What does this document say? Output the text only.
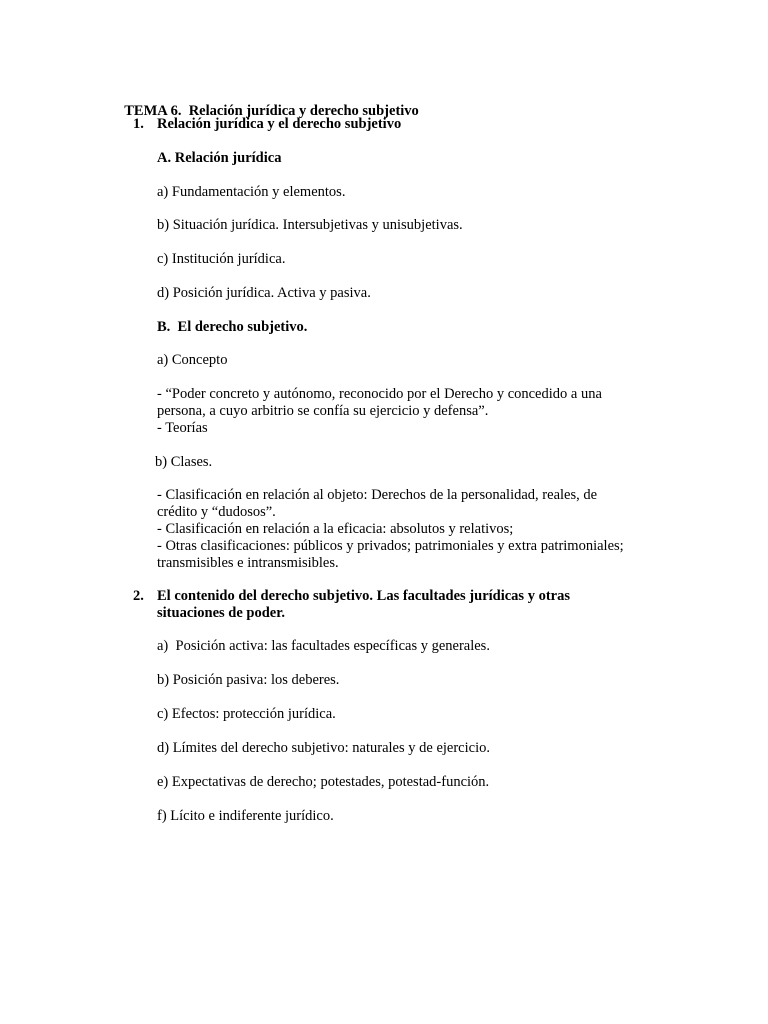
TEMA 6. Relación jurídica y derecho subjetivo

1. Relación jurídica y el derecho subjetivo
A. Relación jurídica
a) Fundamentación y elementos.
b) Situación jurídica. Intersubjetivas y unisubjetivas.
c) Institución jurídica.
d) Posición jurídica. Activa y pasiva.
B.  El derecho subjetivo.
a) Concepto
- “Poder concreto y autónomo, reconocido por el Derecho y concedido a una
persona, a cuyo arbitrio se confía su ejercicio y defensa”.
- Teorías
b) Clases.
- Clasificación en relación al objeto: Derechos de la personalidad, reales, de
crédito y “dudosos”.
- Clasificación en relación a la eficacia: absolutos y relativos;
- Otras clasificaciones: públicos y privados; patrimoniales y extra patrimoniales;
transmisibles e intransmisibles.
2. El contenido del derecho subjetivo. Las facultades jurídicas y otras
situaciones de poder.
a)  Posición activa: las facultades específicas y generales.
b) Posición pasiva: los deberes.
c) Efectos: protección jurídica.
d) Límites del derecho subjetivo: naturales y de ejercicio.
e) Expectativas de derecho; potestades, potestad-función.
f) Lícito e indiferente jurídico.
